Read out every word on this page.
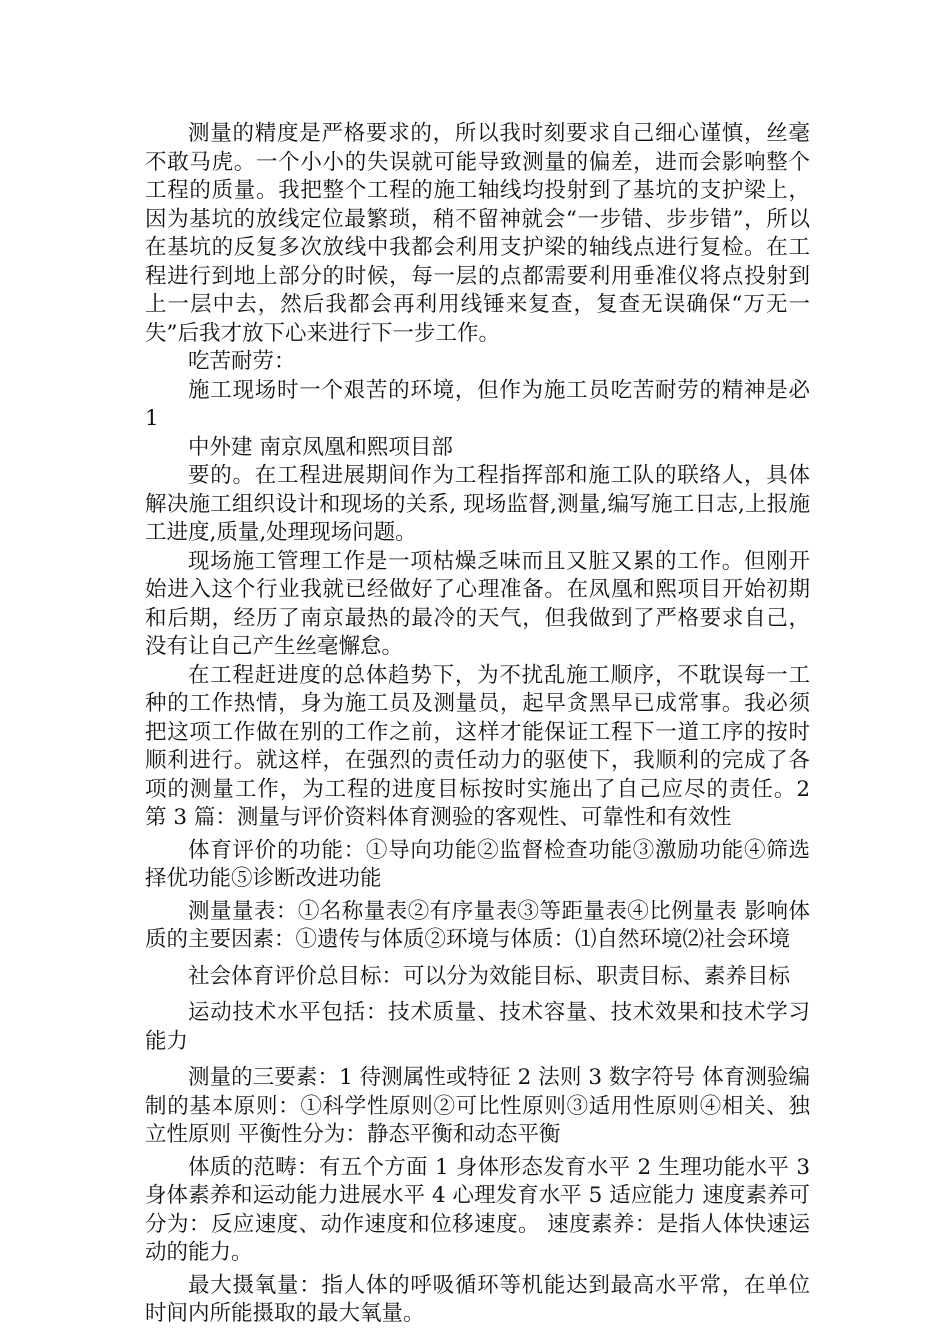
测量的精度是严格要求的，所以我时刻要求自己细心谨慎，丝毫不敢马虎。一个小小的失误就可能导致测量的偏差，进而会影响整个工程的质量。我把整个工程的施工轴线均投射到了基坑的支护梁上，因为基坑的放线定位最繁琐，稍不留神就会“一步错、步步错”，所以在基坑的反复多次放线中我都会利用支护梁的轴线点进行复检。在工程进行到地上部分的时候，每一层的点都需要利用垂准仪将点投射到上一层中去，然后我都会再利用线锤来复查，复查无误确保“万无一失”后我才放下心来进行下一步工作。

吃苦耐劳：

施工现场时一个艰苦的环境，但作为施工员吃苦耐劳的精神是必 1

中外建 南京凤凰和熙项目部

要的。在工程进展期间作为工程指挥部和施工队的联络人，具体解决施工组织设计和现场的关系, 现场监督,测量,编写施工日志,上报施工进度,质量,处理现场问题。

现场施工管理工作是一项枯燥乏味而且又脏又累的工作。但刚开始进入这个行业我就已经做好了心理准备。在凤凰和熙项目开始初期和后期，经历了南京最热的最冷的天气，但我做到了严格要求自己，没有让自己产生丝毫懈怠。

在工程赶进度的总体趋势下，为不扰乱施工顺序，不耽误每一工种的工作热情，身为施工员及测量员，起早贪黑早已成常事。我必须把这项工作做在别的工作之前，这样才能保证工程下一道工序的按时顺利进行。就这样，在强烈的责任动力的驱使下，我顺利的完成了各项的测量工作，为工程的进度目标按时实施出了自己应尽的责任。2 第 3 篇：测量与评价资料体育测验的客观性、可靠性和有效性

体育评价的功能：①导向功能②监督检查功能③激励功能④筛选择优功能⑤诊断改进功能

测量量表：①名称量表②有序量表③等距量表④比例量表 影响体质的主要因素：①遗传与体质②环境与体质：⑴自然环境⑵社会环境

社会体育评价总目标：可以分为效能目标、职责目标、素养目标

运动技术水平包括：技术质量、技术容量、技术效果和技术学习能力

测量的三要素：1 待测属性或特征 2 法则 3 数字符号 体育测验编制的基本原则：①科学性原则②可比性原则③适用性原则④相关、独立性原则 平衡性分为：静态平衡和动态平衡

体质的范畴：有五个方面 1 身体形态发育水平 2 生理功能水平 3 身体素养和运动能力进展水平 4 心理发育水平 5 适应能力 速度素养可分为：反应速度、动作速度和位移速度。 速度素养：是指人体快速运动的能力。

最大摄氧量：指人体的呼吸循环等机能达到最高水平常，在单位时间内所能摄取的最大氧量。
